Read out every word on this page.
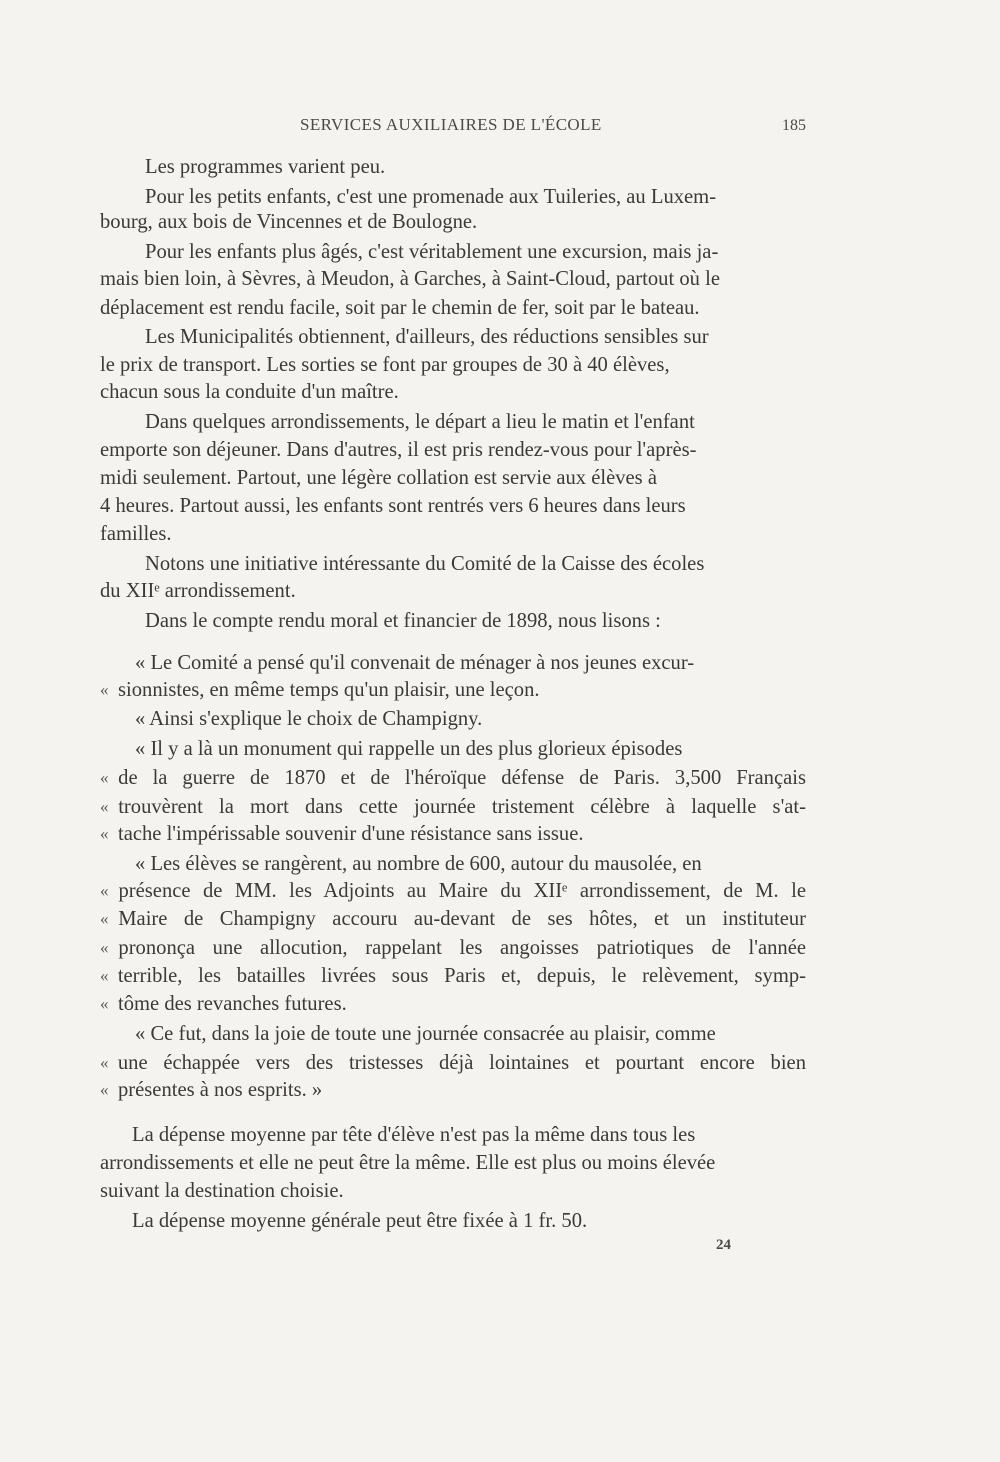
SERVICES AUXILIAIRES DE L'ÉCOLE	185
Les programmes varient peu.
Pour les petits enfants, c'est une promenade aux Tuileries, au Luxem-
bourg, aux bois de Vincennes et de Boulogne.
Pour les enfants plus âgés, c'est véritablement une excursion, mais ja-
mais bien loin, à Sèvres, à Meudon, à Garches, à Saint-Cloud, partout où le
déplacement est rendu facile, soit par le chemin de fer, soit par le bateau.
Les Municipalités obtiennent, d'ailleurs, des réductions sensibles sur
le prix de transport. Les sorties se font par groupes de 30 à 40 élèves,
chacun sous la conduite d'un maître.
Dans quelques arrondissements, le départ a lieu le matin et l'enfant
emporte son déjeuner. Dans d'autres, il est pris rendez-vous pour l'après-
midi seulement. Partout, une légère collation est servie aux élèves à
4 heures. Partout aussi, les enfants sont rentrés vers 6 heures dans leurs
familles.
Notons une initiative intéressante du Comité de la Caisse des écoles
du XIIᵉ arrondissement.
Dans le compte rendu moral et financier de 1898, nous lisons :
« Le Comité a pensé qu'il convenait de ménager à nos jeunes excur-
« sionnistes, en même temps qu'un plaisir, une leçon.
« Ainsi s'explique le choix de Champigny.
« Il y a là un monument qui rappelle un des plus glorieux épisodes
« de la guerre de 1870 et de l'héroïque défense de Paris. 3,500 Français
« trouvèrent la mort dans cette journée tristement célèbre à laquelle s'at-
« tache l'impérissable souvenir d'une résistance sans issue.
« Les élèves se rangèrent, au nombre de 600, autour du mausolée, en
« présence de MM. les Adjoints au Maire du XIIᵉ arrondissement, de M. le
« Maire de Champigny accouru au-devant de ses hôtes, et un instituteur
« prononça une allocution, rappelant les angoisses patriotiques de l'année
« terrible, les batailles livrées sous Paris et, depuis, le relèvement, symp-
« tôme des revanches futures.
« Ce fut, dans la joie de toute une journée consacrée au plaisir, comme
« une échappée vers des tristesses déjà lointaines et pourtant encore bien
« présentes à nos esprits. »
La dépense moyenne par tête d'élève n'est pas la même dans tous les
arrondissements et elle ne peut être la même. Elle est plus ou moins élevée
suivant la destination choisie.
La dépense moyenne générale peut être fixée à 1 fr. 50.
24
